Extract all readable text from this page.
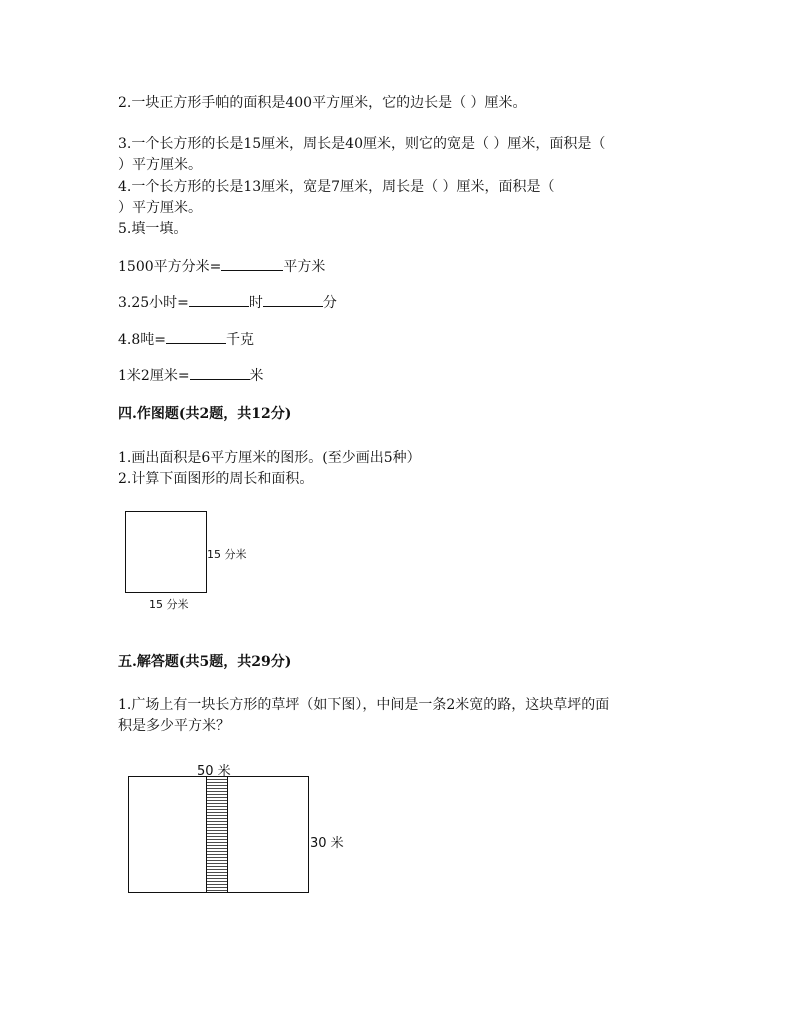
2.一块正方形手帕的面积是400平方厘米，它的边长是（ ）厘米。
3.一个长方形的长是15厘米，周长是40厘米，则它的宽是（ ）厘米，面积是（
）平方厘米。
4.一个长方形的长是13厘米，宽是7厘米，周长是（ ）厘米，面积是（
）平方厘米。
5.填一填。
1500平方分米=	平方米
3.25小时=	时	分
4.8吨=	千克
1米2厘米=	米
四.作图题(共2题，共12分)
1.画出面积是6平方厘米的图形。(至少画出5种）
2.计算下面图形的周长和面积。
15 分米
15 分米
五.解答题(共5题，共29分)
1.广场上有一块长方形的草坪（如下图），中间是一条2米宽的路，这块草坪的面
积是多少平方米？
50 米
30 米
